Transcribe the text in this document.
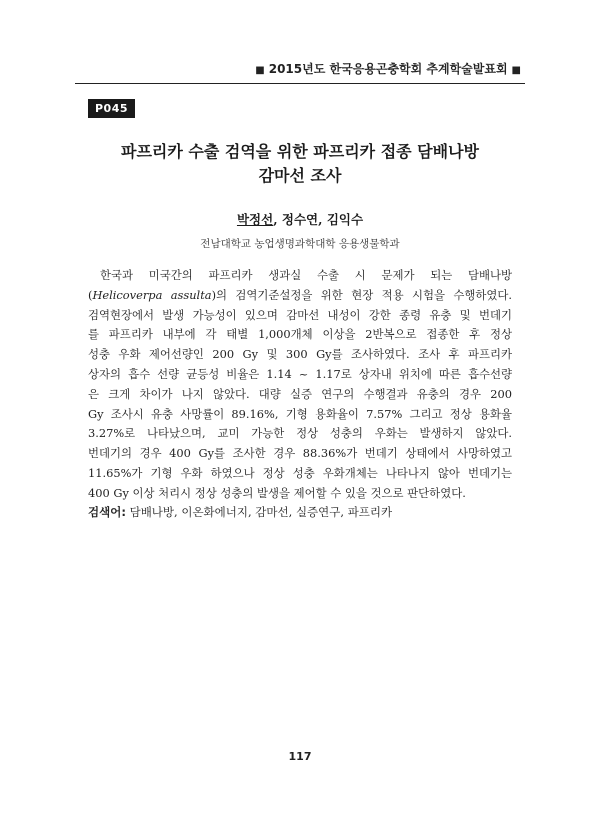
■ 2015년도 한국응용곤충학회 추계학술발표회 ■
P045
파프리카 수출 검역을 위한 파프리카 접종 담배나방
감마선 조사
박정선, 정수연, 김익수
전남대학교 농업생명과학대학 응용생물학과
한국과 미국간의 파프리카 생과실 수출 시 문제가 되는 담배나방
(Helicoverpa assulta)의 검역기준설정을 위한 현장 적용 시험을 수행하였다.
검역현장에서 발생 가능성이 있으며 감마선 내성이 강한 종령 유충 및 번데기
를 파프리카 내부에 각 태별 1,000개체 이상을 2반복으로 접종한 후 정상
성충 우화 제어선량인 200 Gy 및 300 Gy를 조사하였다. 조사 후 파프리카
상자의 흡수 선량 균등성 비율은 1.14 ~ 1.17로 상자내 위치에 따른 흡수선량
은 크게 차이가 나지 않았다. 대량 실증 연구의 수행결과 유충의 경우 200
Gy 조사시 유충 사망률이 89.16%, 기형 용화율이 7.57% 그리고 정상 용화율
3.27%로 나타났으며, 교미 가능한 정상 성충의 우화는 발생하지 않았다.
번데기의 경우 400 Gy를 조사한 경우 88.36%가 번데기 상태에서 사망하였고
11.65%가 기형 우화 하였으나 정상 성충 우화개체는 나타나지 않아 번데기는
400 Gy 이상 처리시 정상 성충의 발생을 제어할 수 있을 것으로 판단하였다.
검색어: 담배나방, 이온화에너지, 감마선, 실증연구, 파프리카
117
